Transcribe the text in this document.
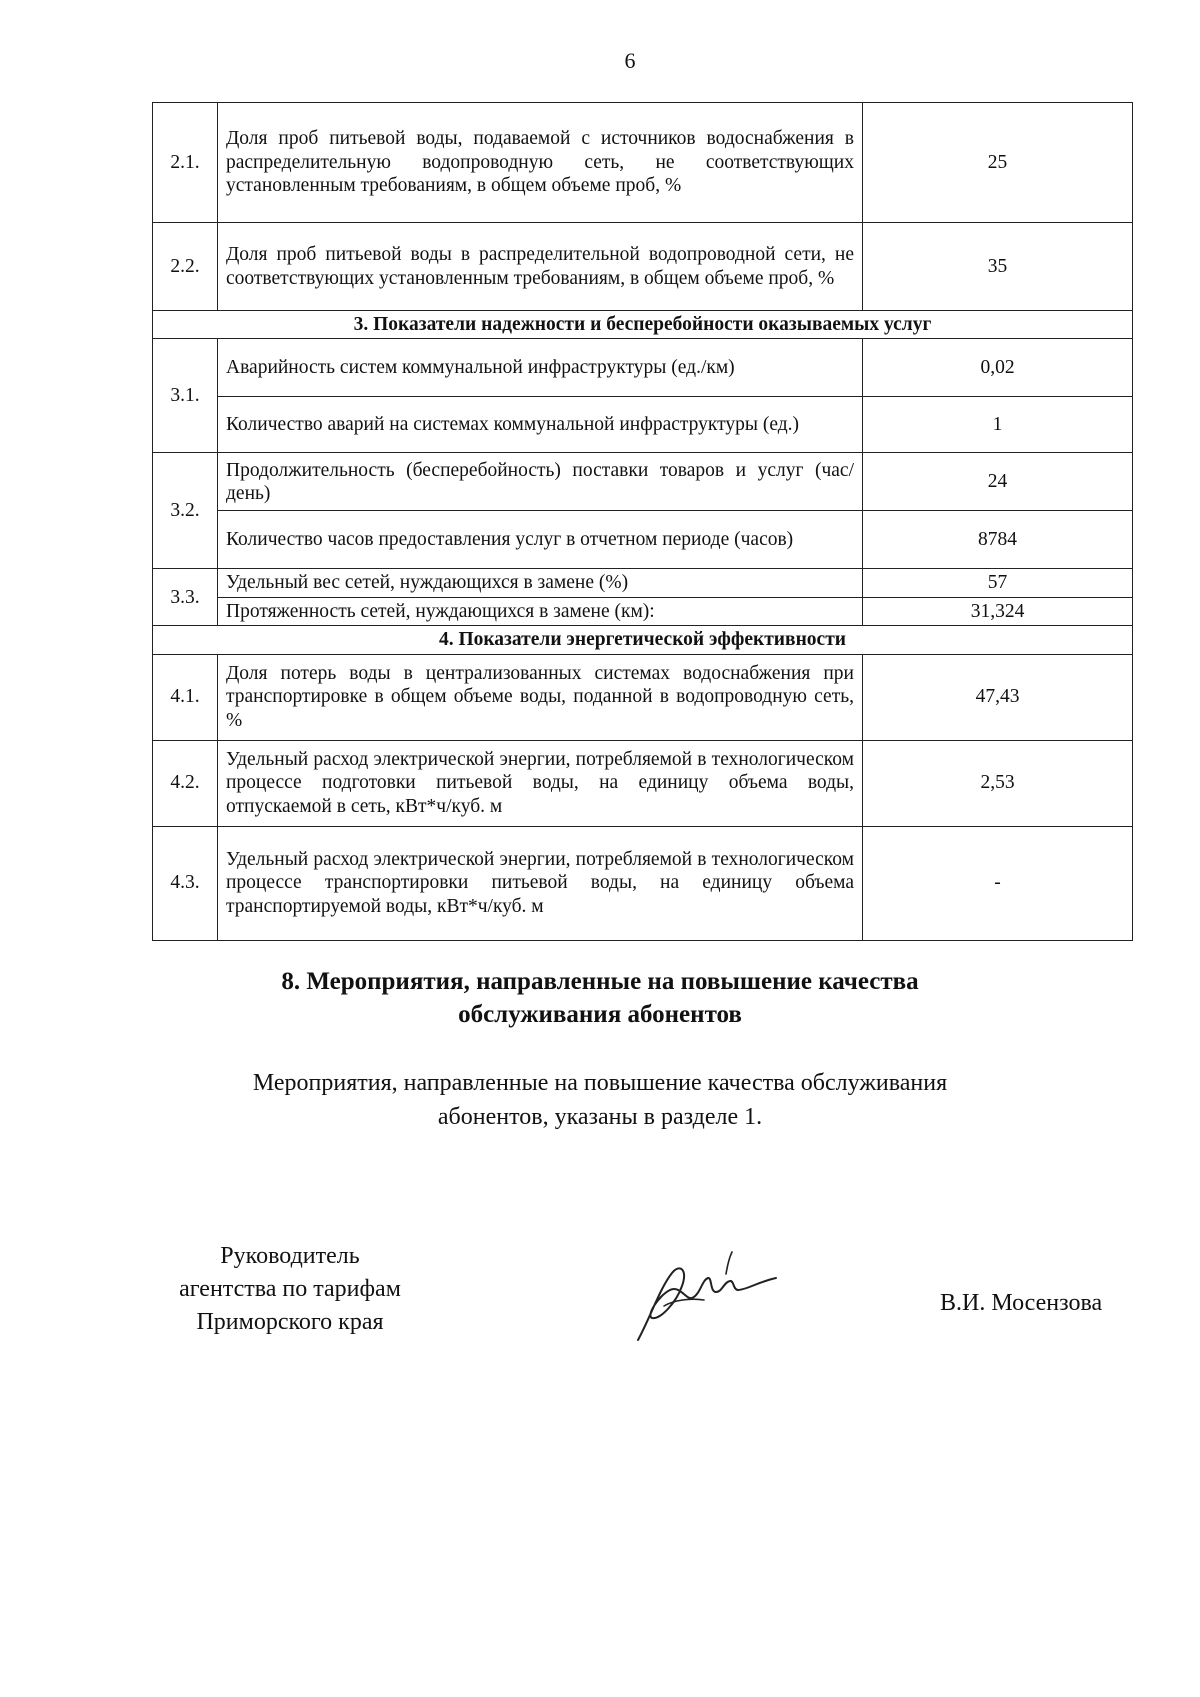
6
2.1.	Доля проб питьевой воды, подаваемой с источников водоснабжения в распределительную водопроводную сеть, не соответствующих установленным требованиям, в общем объеме проб, %	25
2.2.	Доля проб питьевой воды в распределительной водопроводной сети, не соответствующих установленным требованиям, в общем объеме проб, %	35
3. Показатели надежности и бесперебойности оказываемых услуг		
3.1.	Аварийность систем коммунальной инфраструктуры (ед./км)	0,02
	Количество аварий на системах коммунальной инфраструктуры (ед.)	1
3.2.	Продолжительность (бесперебойность) поставки товаров и услуг (час/день)	24
	Количество часов предоставления услуг в отчетном периоде (часов)	8784
3.3.	Удельный вес сетей, нуждающихся в замене (%)	57
	Протяженность сетей, нуждающихся в замене (км):	31,324
4. Показатели энергетической эффективности		
4.1.	Доля потерь воды в централизованных системах водоснабжения при транспортировке в общем объеме воды, поданной в водопроводную сеть, %	47,43
4.2.	Удельный расход электрической энергии, потребляемой в технологическом процессе подготовки питьевой воды, на единицу объема воды, отпускаемой в сеть, кВт*ч/куб. м	2,53
4.3.	Удельный расход электрической энергии, потребляемой в технологическом процессе транспортировки питьевой воды, на единицу объема транспортируемой воды, кВт*ч/куб. м	-
8. Мероприятия, направленные на повышение качества
обслуживания абонентов

Мероприятия, направленные на повышение качества обслуживания
абонентов, указаны в разделе 1.

Руководитель
агентства по тарифам
Приморского края
В.И. Мосензова
